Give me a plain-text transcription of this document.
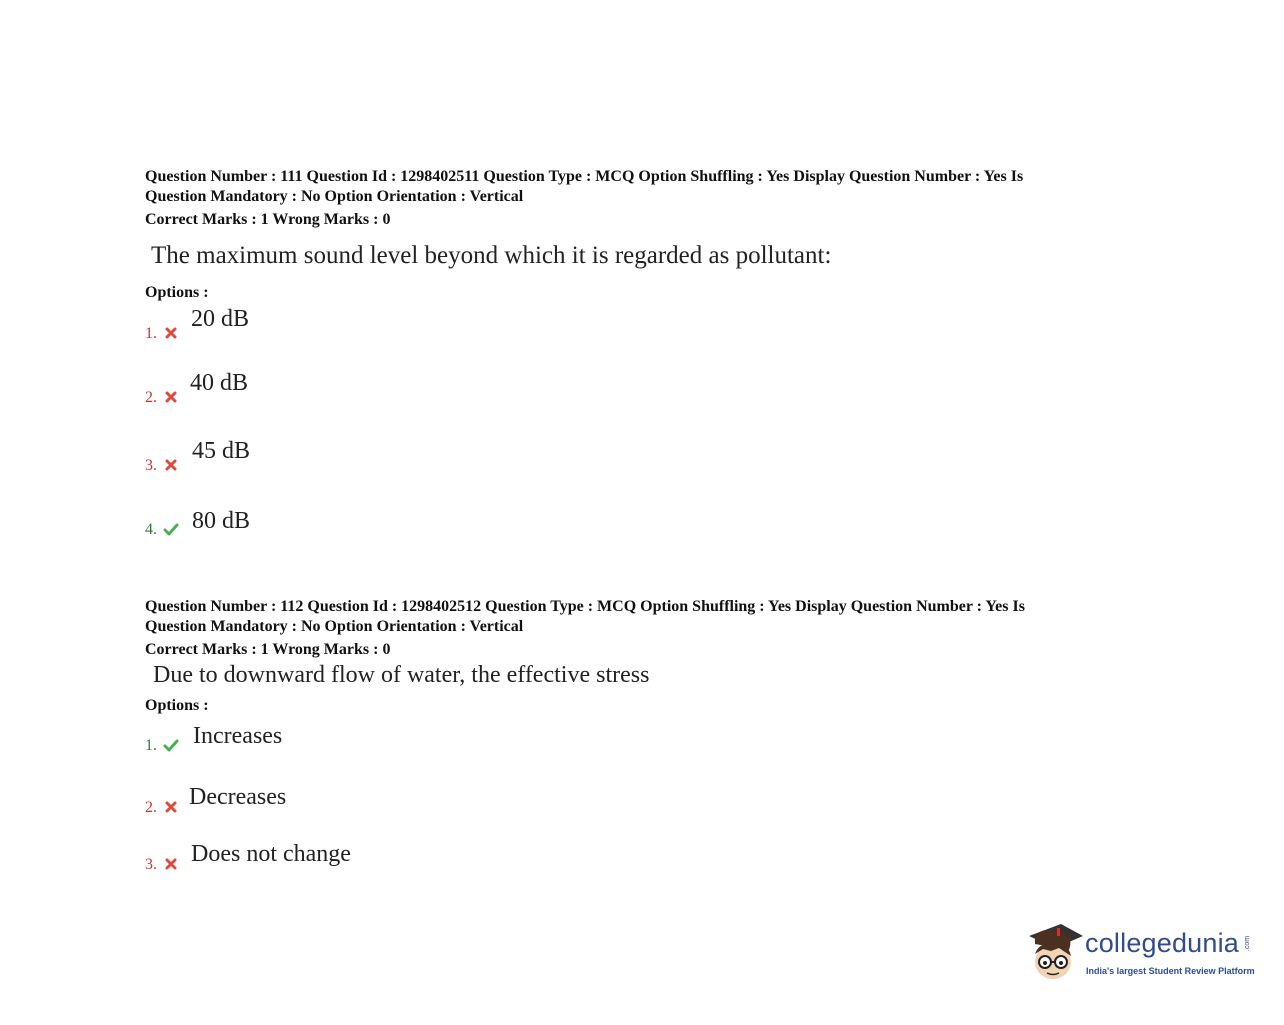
Question Number : 111 Question Id : 1298402511 Question Type : MCQ Option Shuffling : Yes Display Question Number : Yes Is

Question Mandatory : No Option Orientation : Vertical

Correct Marks : 1 Wrong Marks : 0

The maximum sound level beyond which it is regarded as pollutant:
Options :
1.
20 dB
2.
40 dB
3.
45 dB
4. 80 dB

Question Number : 112 Question Id : 1298402512 Question Type : MCQ Option Shuffling : Yes Display Question Number : Yes Is

Question Mandatory : No Option Orientation : Vertical

Correct Marks : 1 Wrong Marks : 0

Due to downward flow of water, the effective stress
Options :
1. Increases
2. Decreases
3. Does not change
collegedunia .com
India's largest Student Review Platform
